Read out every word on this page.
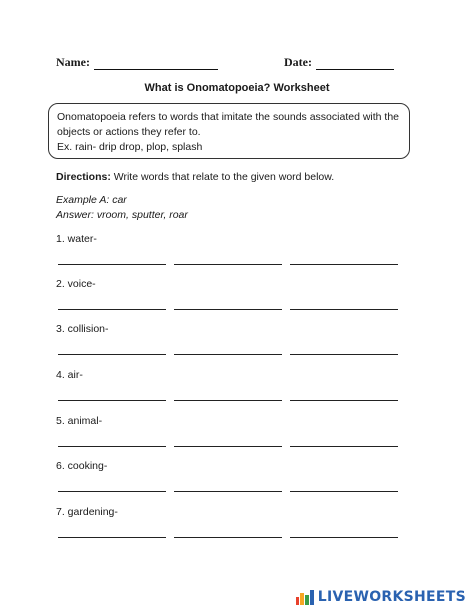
Name:	Date:
What is Onomatopoeia? Worksheet
Onomatopoeia refers to words that imitate the sounds associated with the
objects or actions they refer to.
Ex. rain- drip drop, plop, splash
Directions: Write words that relate to the given word below.
Example A: car
Answer: vroom, sputter, roar
1. water-
2. voice-
3. collision-
4. air-
5. animal-
6. cooking-
7. gardening-
LIVEWORKSHEETS
